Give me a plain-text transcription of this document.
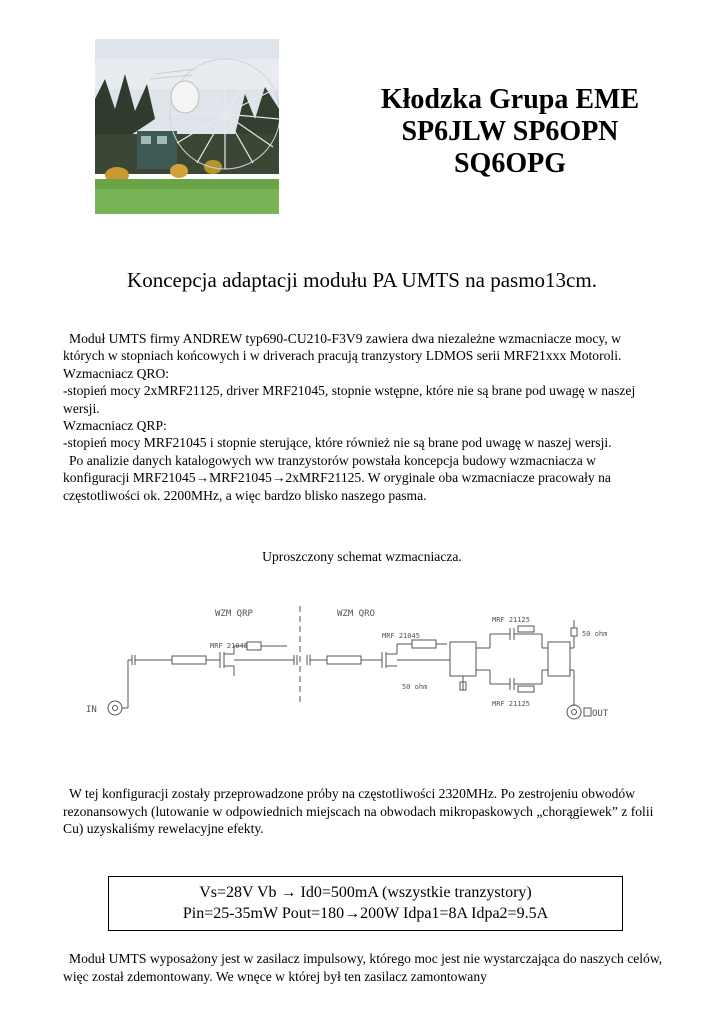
Kłodzka Grupa EME
SP6JLW SP6OPN
SQ6OPG
Koncepcja adaptacji modułu PA UMTS na pasmo13cm.

Moduł UMTS firmy ANDREW typ690-CU210-F3V9 zawiera dwa niezależne wzmacniacze mocy, w których w stopniach końcowych i w driverach pracują tranzystory LDMOS serii MRF21xxx Motoroli.

Wzmacniacz QRO:

-stopień mocy 2xMRF21125, driver MRF21045, stopnie wstępne, które nie są brane pod uwagę w naszej wersji.

Wzmacniacz QRP:

-stopień mocy MRF21045 i stopnie sterujące, które również nie są brane pod uwagę w naszej wersji.

Po analizie danych katalogowych ww tranzystorów powstała koncepcja budowy wzmacniacza w konfiguracji MRF21045→MRF21045→2xMRF21125. W oryginale oba wzmacniacze pracowały na częstotliwości ok. 2200MHz, a więc bardzo blisko naszego pasma.

Uproszczony schemat wzmacniacza.
WZM QRP	WZM QRO
IN
MRF 21045
MRF 21045
50 ohm
MRF 21125
MRF 21125
50 ohm
OUT

W tej konfiguracji zostały przeprowadzone próby na częstotliwości 2320MHz. Po zestrojeniu obwodów rezonansowych (lutowanie w odpowiednich miejscach na obwodach mikropaskowych „chorągiewek” z folii Cu) uzyskaliśmy rewelacyjne efekty.

Vs=28V Vb → Id0=500mA (wszystkie tranzystory)
Pin=25-35mW Pout=180→200W Idpa1=8A Idpa2=9.5A

Moduł UMTS wyposażony jest w zasilacz impulsowy, którego moc jest nie wystarczająca do naszych celów, więc został zdemontowany. We wnęce w której był ten zasilacz zamontowany
